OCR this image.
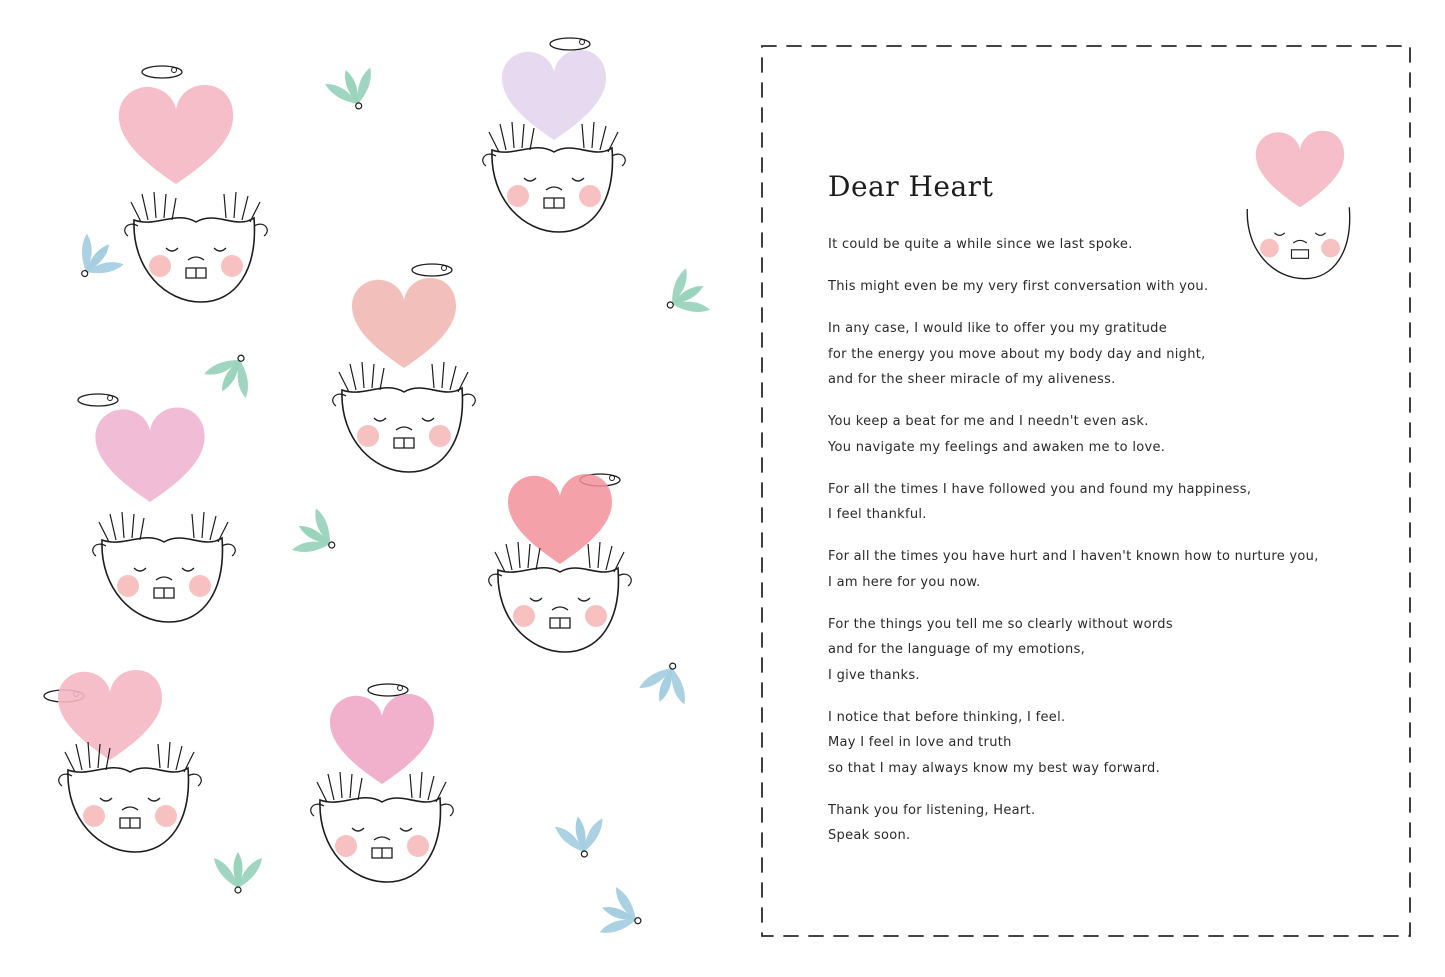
Dear Heart
It could be quite a while since we last spoke.
This might even be my very first conversation with you.
In any case, I would like to offer you my gratitude
for the energy you move about my body day and night,
and for the sheer miracle of my aliveness.
You keep a beat for me and I needn't even ask.
You navigate my feelings and awaken me to love.
For all the times I have followed you and found my happiness,
I feel thankful.
For all the times you have hurt and I haven't known how to nurture you,
I am here for you now.
For the things you tell me so clearly without words
and for the language of my emotions,
I give thanks.
I notice that before thinking, I feel.
May I feel in love and truth
so that I may always know my best way forward.
Thank you for listening, Heart.
Speak soon.
